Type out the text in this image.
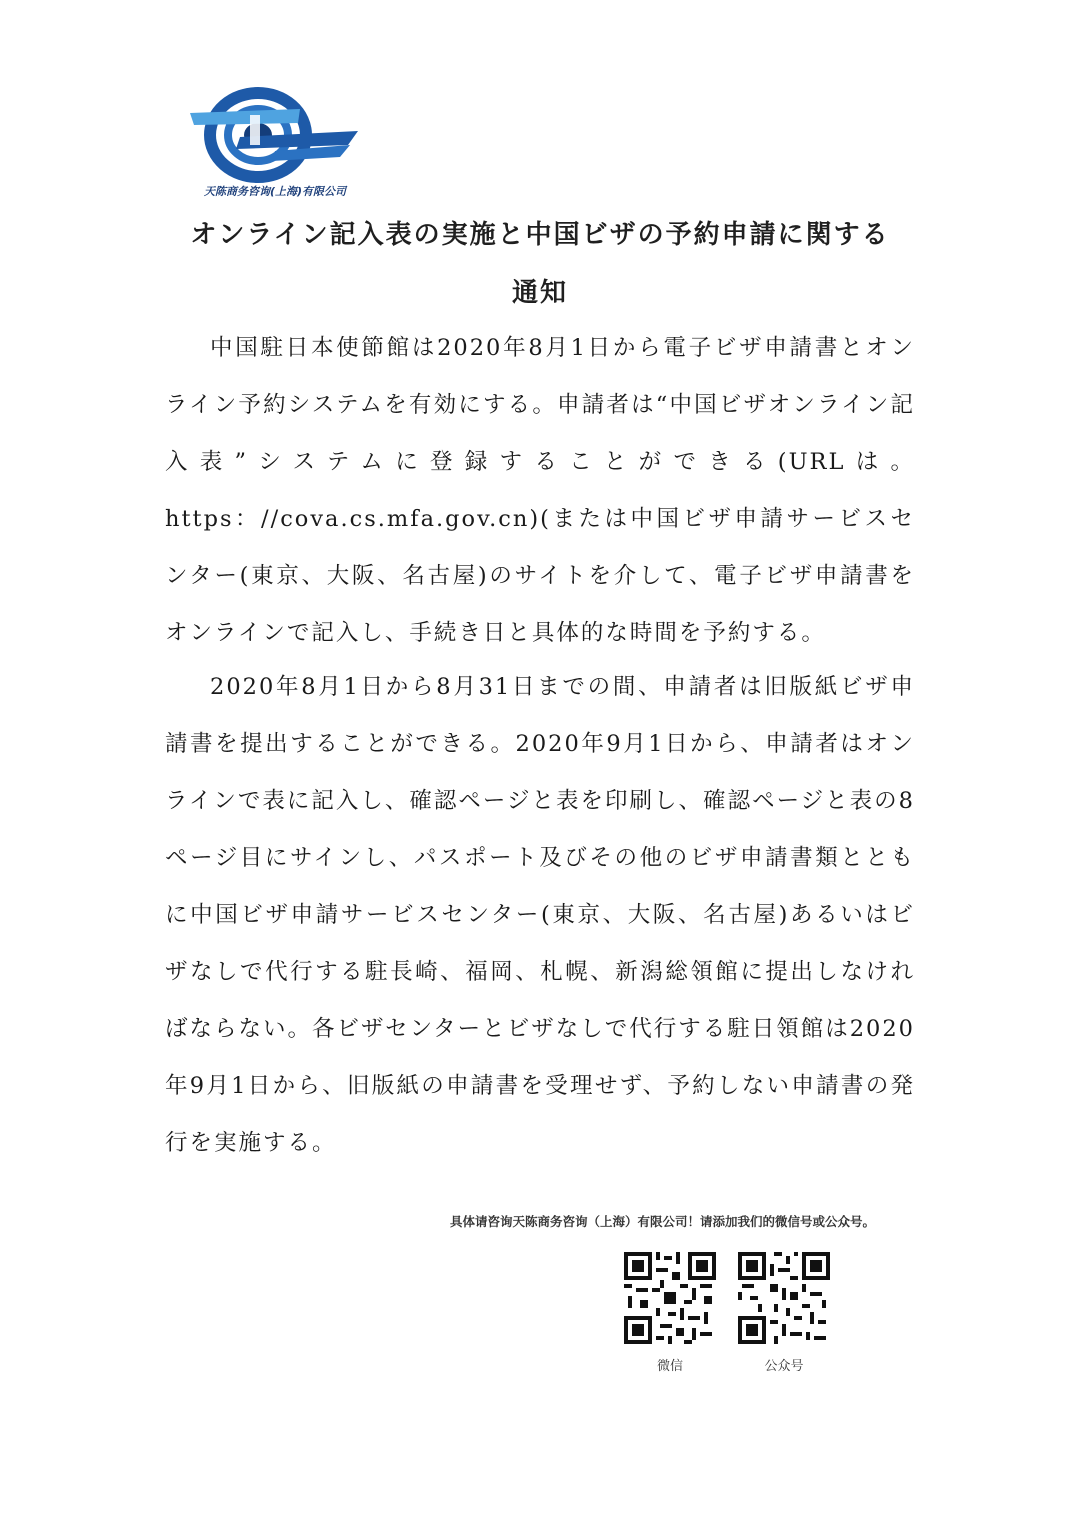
天陈商务咨询(上海)有限公司
オンライン記入表の実施と中国ビザの予約申請に関する
通知

中国駐日本使節館は2020年8月1日から電子ビザ申請書とオンライン予約システムを有効にする。申請者は“中国ビザオンライン記入表”システムに登録することができる(URLは。https：//cova.cs.mfa.gov.cn)(または中国ビザ申請サービスセンター(東京、大阪、名古屋)のサイトを介して、電子ビザ申請書をオンラインで記入し、手続き日と具体的な時間を予約する。

2020年8月1日から8月31日までの間、申請者は旧版紙ビザ申請書を提出することができる。2020年9月1日から、申請者はオンラインで表に記入し、確認ページと表を印刷し、確認ページと表の8ページ目にサインし、パスポート及びその他のビザ申請書類とともに中国ビザ申請サービスセンター(東京、大阪、名古屋)あるいはビザなしで代行する駐長崎、福岡、札幌、新潟総領館に提出しなければならない。各ビザセンターとビザなしで代行する駐日領館は2020年9月1日から、旧版紙の申請書を受理せず、予約しない申請書の発行を実施する。

具体请咨询天陈商务咨询（上海）有限公司！请添加我们的微信号或公众号。
微信	公众号
